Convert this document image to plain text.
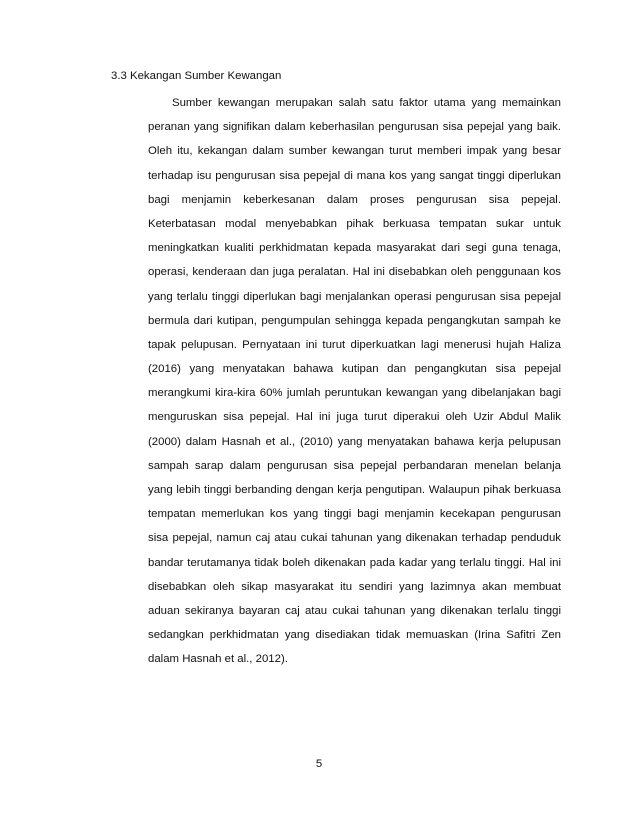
3.3 Kekangan Sumber Kewangan
Sumber kewangan merupakan salah satu faktor utama yang memainkan
peranan yang signifikan dalam keberhasilan pengurusan sisa pepejal yang baik.
Oleh itu, kekangan dalam sumber kewangan turut memberi impak yang besar
terhadap isu pengurusan sisa pepejal di mana kos yang sangat tinggi diperlukan
bagi menjamin keberkesanan dalam proses pengurusan sisa pepejal.
Keterbatasan modal menyebabkan pihak berkuasa tempatan sukar untuk
meningkatkan kualiti perkhidmatan kepada masyarakat dari segi guna tenaga,
operasi, kenderaan dan juga peralatan. Hal ini disebabkan oleh penggunaan kos
yang terlalu tinggi diperlukan bagi menjalankan operasi pengurusan sisa pepejal
bermula dari kutipan, pengumpulan sehingga kepada pengangkutan sampah ke
tapak pelupusan. Pernyataan ini turut diperkuatkan lagi menerusi hujah Haliza
(2016) yang menyatakan bahawa kutipan dan pengangkutan sisa pepejal
merangkumi kira-kira 60% jumlah peruntukan kewangan yang dibelanjakan bagi
menguruskan sisa pepejal. Hal ini juga turut diperakui oleh Uzir Abdul Malik
(2000) dalam Hasnah et al., (2010) yang menyatakan bahawa kerja pelupusan
sampah sarap dalam pengurusan sisa pepejal perbandaran menelan belanja
yang lebih tinggi berbanding dengan kerja pengutipan. Walaupun pihak berkuasa
tempatan memerlukan kos yang tinggi bagi menjamin kecekapan pengurusan
sisa pepejal, namun caj atau cukai tahunan yang dikenakan terhadap penduduk
bandar terutamanya tidak boleh dikenakan pada kadar yang terlalu tinggi. Hal ini
disebabkan oleh sikap masyarakat itu sendiri yang lazimnya akan membuat
aduan sekiranya bayaran caj atau cukai tahunan yang dikenakan terlalu tinggi
sedangkan perkhidmatan yang disediakan tidak memuaskan (Irina Safitri Zen
dalam Hasnah et al., 2012).
5
